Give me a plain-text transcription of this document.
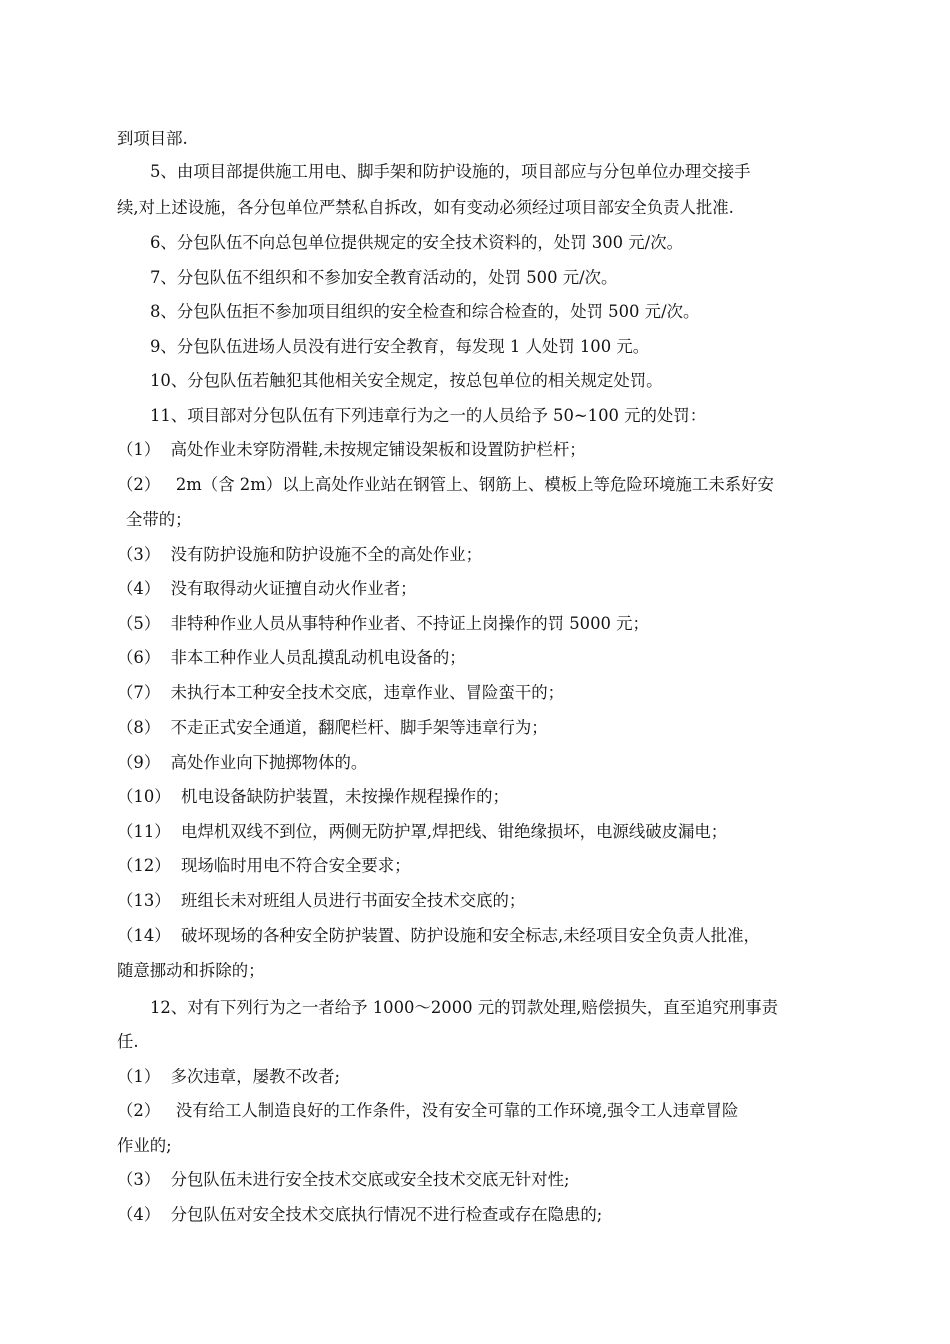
到项目部.
5、由项目部提供施工用电、脚手架和防护设施的，项目部应与分包单位办理交接手
续,对上述设施，各分包单位严禁私自拆改，如有变动必须经过项目部安全负责人批准.
6、分包队伍不向总包单位提供规定的安全技术资料的，处罚 300 元/次。
7、分包队伍不组织和不参加安全教育活动的，处罚 500 元/次。
8、分包队伍拒不参加项目组织的安全检查和综合检查的，处罚 500 元/次。
9、分包队伍进场人员没有进行安全教育，每发现 1 人处罚 100 元。
10、分包队伍若触犯其他相关安全规定，按总包单位的相关规定处罚。
11、项目部对分包队伍有下列违章行为之一的人员给予 50~100 元的处罚：
（1）  高处作业未穿防滑鞋,未按规定铺设架板和设置防护栏杆；
（2）   2m（含 2m）以上高处作业站在钢管上、钢筋上、模板上等危险环境施工未系好安
全带的；
（3）  没有防护设施和防护设施不全的高处作业；
（4）  没有取得动火证擅自动火作业者；
（5）  非特种作业人员从事特种作业者、不持证上岗操作的罚 5000 元；
（6）  非本工种作业人员乱摸乱动机电设备的；
（7）  未执行本工种安全技术交底，违章作业、冒险蛮干的；
（8）  不走正式安全通道，翻爬栏杆、脚手架等违章行为；
（9）  高处作业向下抛掷物体的。
（10）  机电设备缺防护装置，未按操作规程操作的；
（11）  电焊机双线不到位，两侧无防护罩,焊把线、钳绝缘损坏，电源线破皮漏电；
（12）  现场临时用电不符合安全要求；
（13）  班组长未对班组人员进行书面安全技术交底的；
（14）  破坏现场的各种安全防护装置、防护设施和安全标志,未经项目安全负责人批准，
随意挪动和拆除的；
12、对有下列行为之一者给予 1000～2000 元的罚款处理,赔偿损失，直至追究刑事责
任.
（1）  多次违章，屡教不改者;
（2）   没有给工人制造良好的工作条件，没有安全可靠的工作环境,强令工人违章冒险
作业的;
（3）  分包队伍未进行安全技术交底或安全技术交底无针对性;
（4）  分包队伍对安全技术交底执行情况不进行检查或存在隐患的;
